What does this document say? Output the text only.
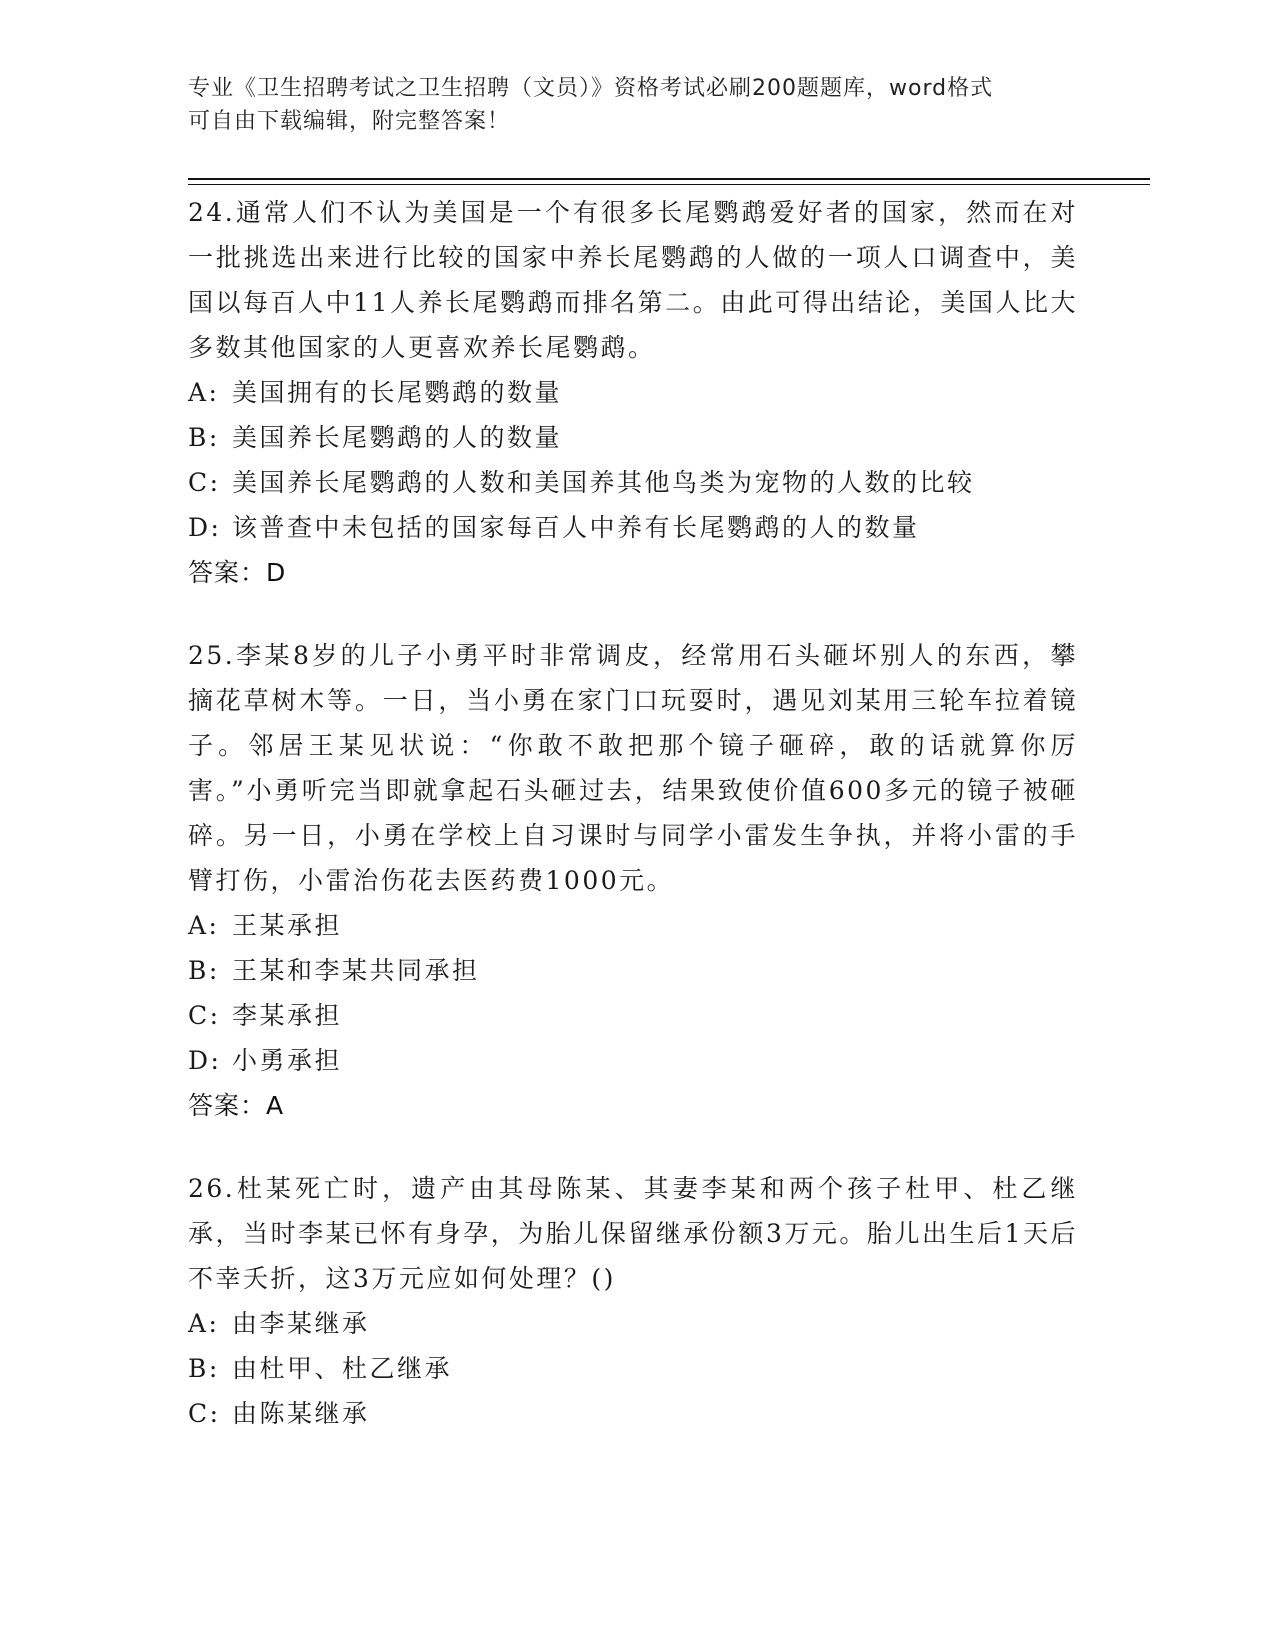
专业《卫生招聘考试之卫生招聘（文员）》资格考试必刷200题题库，word格式
可自由下载编辑，附完整答案！

24.通常人们不认为美国是一个有很多长尾鹦鹉爱好者的国家，然而在对一批挑选出来进行比较的国家中养长尾鹦鹉的人做的一项人口调查中，美国以每百人中11人养长尾鹦鹉而排名第二。由此可得出结论，美国人比大多数其他国家的人更喜欢养长尾鹦鹉。

A: 美国拥有的长尾鹦鹉的数量

B: 美国养长尾鹦鹉的人的数量

C: 美国养长尾鹦鹉的人数和美国养其他鸟类为宠物的人数的比较

D: 该普查中未包括的国家每百人中养有长尾鹦鹉的人的数量

答案：D

25.李某8岁的儿子小勇平时非常调皮，经常用石头砸坏别人的东西，攀摘花草树木等。一日，当小勇在家门口玩耍时，遇见刘某用三轮车拉着镜子。邻居王某见状说：“你敢不敢把那个镜子砸碎，敢的话就算你厉害。”小勇听完当即就拿起石头砸过去，结果致使价值600多元的镜子被砸碎。另一日，小勇在学校上自习课时与同学小雷发生争执，并将小雷的手臂打伤，小雷治伤花去医药费1000元。

A: 王某承担

B: 王某和李某共同承担

C: 李某承担

D: 小勇承担

答案：A

26.杜某死亡时，遗产由其母陈某、其妻李某和两个孩子杜甲、杜乙继承，当时李某已怀有身孕，为胎儿保留继承份额3万元。胎儿出生后1天后不幸夭折，这3万元应如何处理？()

A: 由李某继承

B: 由杜甲、杜乙继承

C: 由陈某继承
